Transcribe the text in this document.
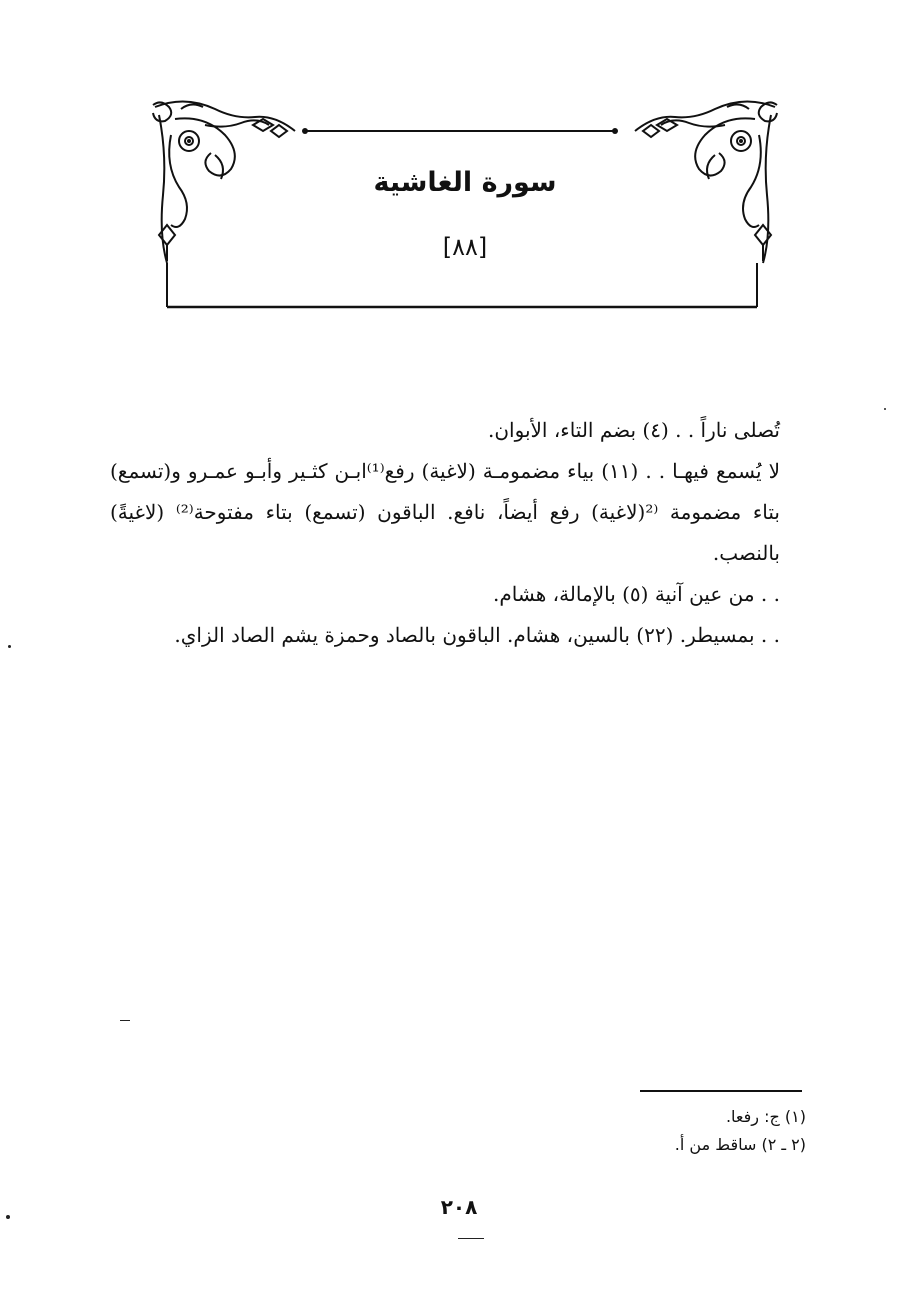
سورة الغاشية
[٨٨]

تُصلى ناراً . . (٤) بضم التاء، الأبوان.

لا يُسمع فيهـا . . (١١) بياء مضمومـة (لاغية) رفع⁽¹⁾ابـن كثـير وأبـو عمـرو و(تسمع) بتاء مضمومة ⁽²(لاغية) رفع أيضاً، نافع. الباقون (تسمع) بتاء مفتوحة⁽²⁾ (لاغيةً) بالنصب.

. . من عين آنية (٥) بالإمالة، هشام.

. . بمسيطر. (٢٢) بالسين، هشام. الباقون بالصاد وحمزة يشم الصاد الزاي.

(١) ج: رفعا.
(٢ ـ ٢) ساقط من أ.
٢٠٨
